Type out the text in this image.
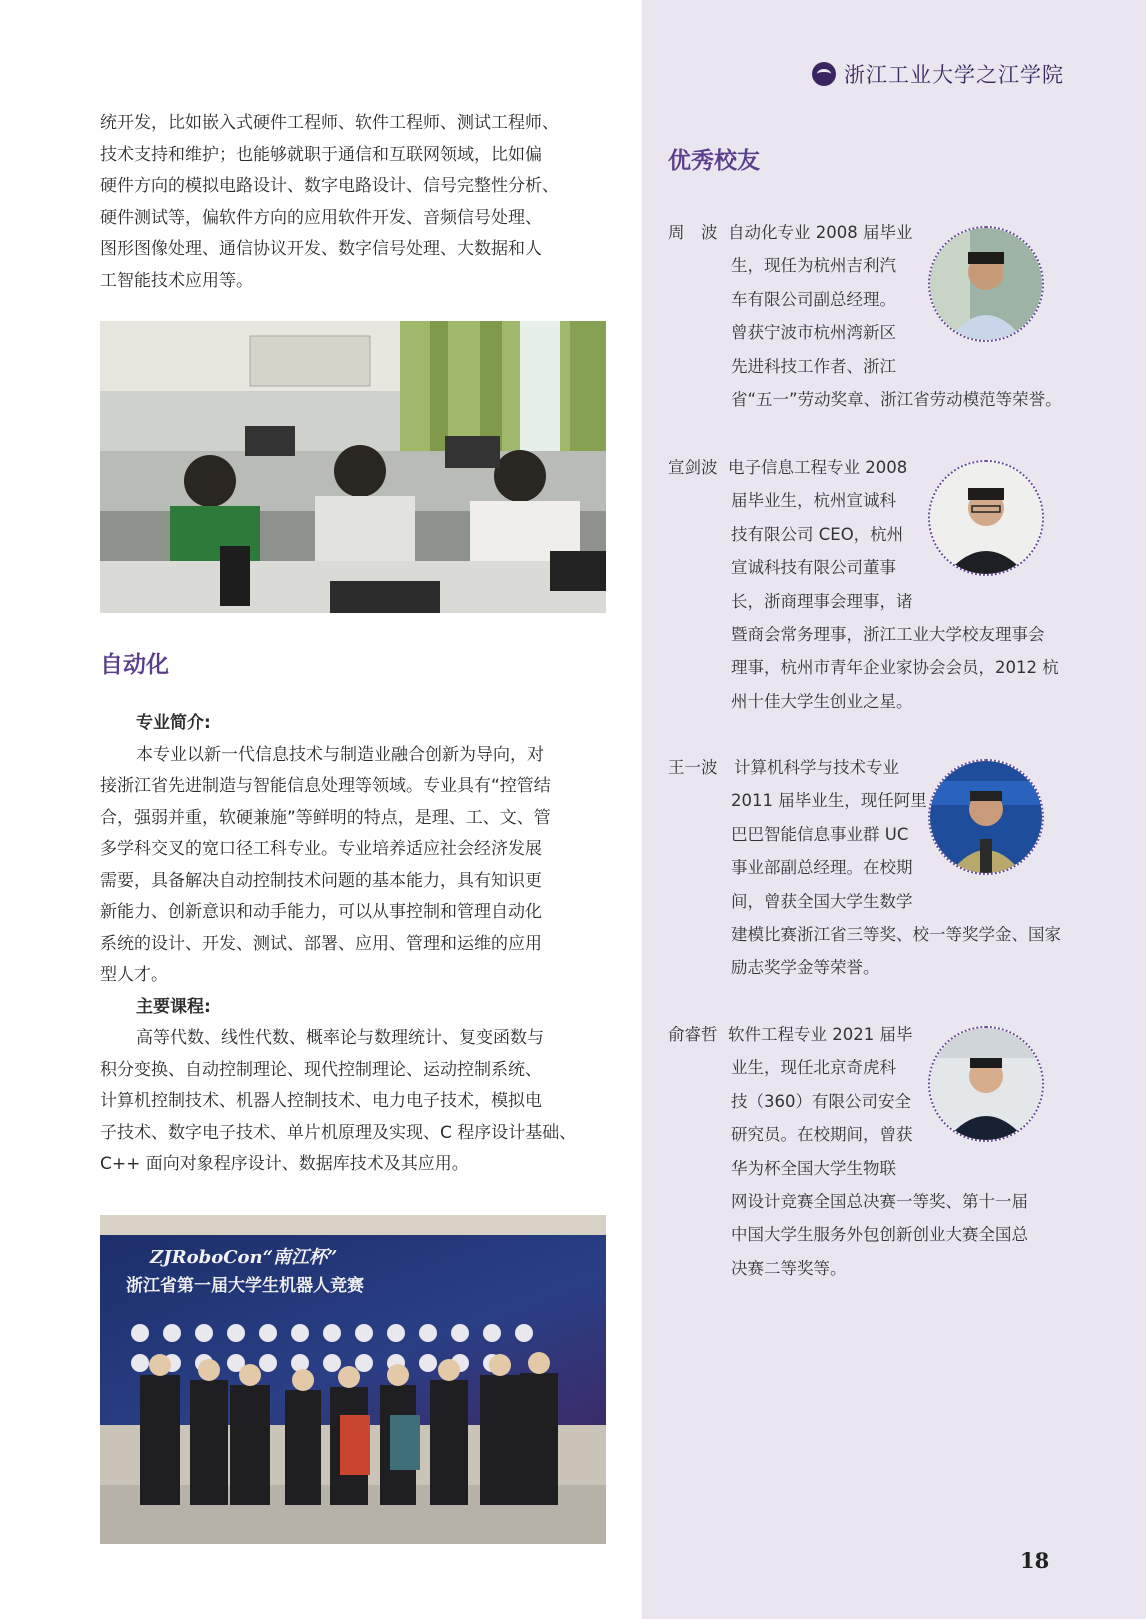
浙江工业大学之江学院

统开发，比如嵌入式硬件工程师、软件工程师、测试工程师、

技术支持和维护；也能够就职于通信和互联网领域，比如偏

硬件方向的模拟电路设计、数字电路设计、信号完整性分析、

硬件测试等，偏软件方向的应用软件开发、音频信号处理、

图形图像处理、通信协议开发、数字信号处理、大数据和人

工智能技术应用等。

自动化

专业简介:

本专业以新一代信息技术与制造业融合创新为导向，对

接浙江省先进制造与智能信息处理等领域。专业具有“控管结

合，强弱并重，软硬兼施”等鲜明的特点，是理、工、文、管

多学科交叉的宽口径工科专业。专业培养适应社会经济发展

需要，具备解决自动控制技术问题的基本能力，具有知识更

新能力、创新意识和动手能力，可以从事控制和管理自动化

系统的设计、开发、测试、部署、应用、管理和运维的应用

型人才。

主要课程:

高等代数、线性代数、概率论与数理统计、复变函数与

积分变换、自动控制理论、现代控制理论、运动控制系统、

计算机控制技术、机器人控制技术、电力电子技术，模拟电

子技术、数字电子技术、单片机原理及实现、C 程序设计基础、

C++ 面向对象程序设计、数据库技术及其应用。

ZJRoboCon“南江杯”
浙江省第一届大学生机器人竞赛
优秀校友
周　波 自动化专业 2008 届毕业
生，现任为杭州吉利汽
车有限公司副总经理。
曾获宁波市杭州湾新区
先进科技工作者、浙江
省“五一”劳动奖章、浙江省劳动模范等荣誉。
宣剑波 电子信息工程专业 2008
届毕业生，杭州宣诚科
技有限公司 CEO，杭州
宣诚科技有限公司董事
长，浙商理事会理事，诸
暨商会常务理事，浙江工业大学校友理事会
理事，杭州市青年企业家协会会员，2012 杭
州十佳大学生创业之星。
王一波	计算机科学与技术专业
2011 届毕业生，现任阿里
巴巴智能信息事业群 UC
事业部副总经理。在校期
间，曾获全国大学生数学
建模比赛浙江省三等奖、校一等奖学金、国家
励志奖学金等荣誉。
俞睿哲 软件工程专业 2021 届毕
业生，现任北京奇虎科
技（360）有限公司安全
研究员。在校期间，曾获
华为杯全国大学生物联
网设计竞赛全国总决赛一等奖、第十一届
中国大学生服务外包创新创业大赛全国总
决赛二等奖等。
18
